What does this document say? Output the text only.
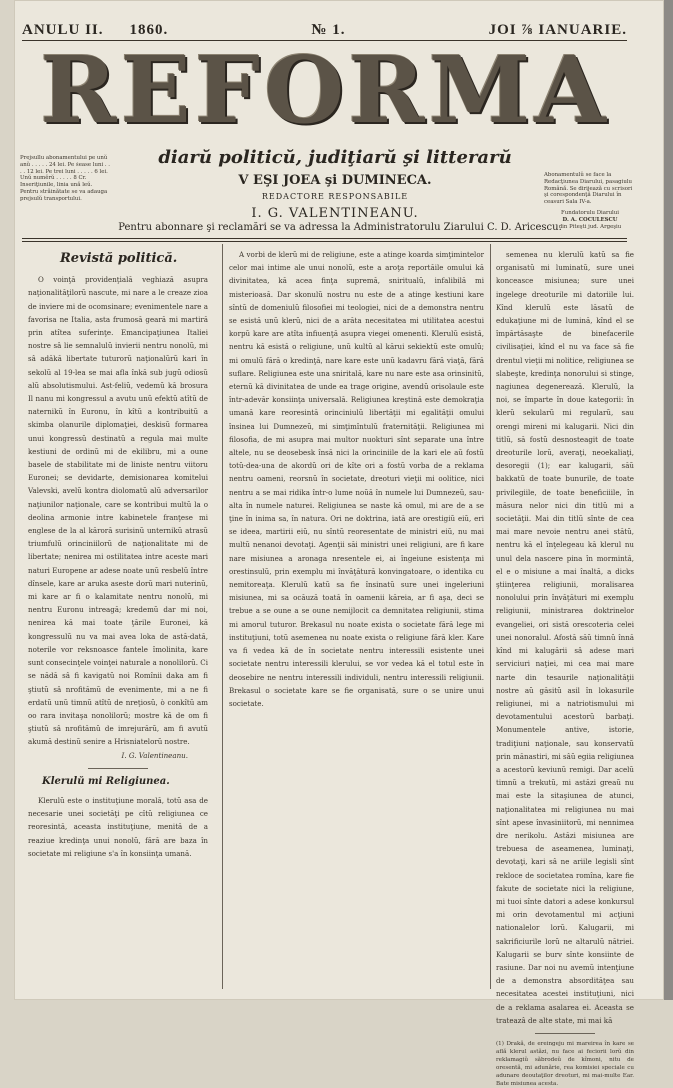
ANULU II. 1860.	№ 1.	JOI ⅞ IANUARIE.
REFORMA
Prejsullu abonamentului pe unŭ anŭ . . . . . 24 lei. Pe ṡease luni . . . . 12 lei. Pe trei luni . . . . . 6 lei. Unŭ numĕrŭ . . . . . 8 Cr. Inseriţiunile, linia ună leŭ. Pentru străinătate se va adauga prejsulŭ transportului.
Abonamentulŭ se face la Redacţiunea Diarului, pasagiulu Română. Se dirijează cu scrisori şi corespondenţă Diarului în ceasuri Sala IV-a.
Fundatorulu Diarului
D. A. COCULESCU
din Piteşti jud. Argeşiu
diarŭ politicŭ, judiţiarŭ şi litterarŭ
V EŞI JOEA şi DUMINECA.
REDACTORE RESPONSABILE
I. G. VALENTINEANU.
Pentru abonnare şi reclamări se va adressa la Administratorulu Ziarului C. D. Aricescu.
Revistă politică.

O voinţă providenţială veghiază asupra naţionalităţilorŭ nascute, mi nare a le creaze zioa de inviere mi de ocomsinare; evenimentele nare a favorisa ne Italia, asta frumosă geară mi martiră prin atîtea suferinţe. Emancipaţiunea Italiei nostre sâ lie semnalulŭ invierii nentru nonolŭ, mi sâ adăkă libertate tuturorŭ naţionalŭrŭ kari în sekolŭ al 19-lea se mai afla înkă sub jugŭ odiosŭ alŭ absolutismului. Ast-feliŭ, vedemŭ kă brosura Il nanu mi kongressul a avutu unŭ efektŭ atîtŭ de naternikŭ în Euronu, în kîtŭ a kontribuitŭ a skimba olanurile diplomaţiei, deskisŭ formarea unui kongressŭ destinatŭ a regula mai multe kestiuni de ordinŭ mi de ekilibru, mi a oune basele de stabilitate mi de liniste nentru viitoru Euronei; se devidarte, demisionarea komitelui Valevski, avelŭ kontra diolomatŭ alŭ adversarilor naţiunilor naţionale, care se kontribui multŭ la o deolina armonie intre kabinetele franţese mi englese de la al kăroră surisinŭ unternikŭ atrasŭ triumfulŭ orinciniilorŭ de naţionalitate mi de libertate; nenirea mi ostilitatea intre aceste mari naturi Europene ar adese noate unŭ resbelŭ între dînsele, kare ar aruka aseste dorŭ mari nuterinŭ, mi kare ar fi o kalamitate nentru nonolŭ, mi nentru Euronu intreagă; kredemŭ dar mi noi, nenirea kă mai toate ţările Euronei, kă kongressulŭ nu va mai avea loka de astă-dată, noterile vor reksnoasce fantele îmolinita, kare sunt consecinţele voinţei naturale a nonolilorŭ. Ci se nădă sâ fi kavigatŭ noi Romînii daka am fi ştiutŭ sâ nrofitămŭ de evenimente, mi a ne fi erdatŭ unŭ timnŭ atîtŭ de nreţiosŭ, ò conkîtŭ am oo rara invitaşa nonolilorŭ; mostre kă de om fi ştiutŭ sâ nrofitămŭ de imrejurărŭ, am fi avutŭ akumă destinŭ senire a Hrisniatelorŭ nostre.

I. G. Valentineanu.
Klerulŭ mi Religiunea.

Klerulŭ este o instituţiune morală, totŭ asa de necesarie unei societăţi pe cîtŭ religiunea ce reoresintă, aceasta instituţiune, menită de a reaziue kredinţa unui nonolŭ, fără are baza în societate mi religiune s'a în konsiinţa umană.

A vorbi de klerŭ mi de religiune, este a atinge koarda simţimintelor celor mai intime ale unui nonolŭ, este a aroţa reportăile omului kă divinitatea, kă acea finţa supremă, sniritualŭ, infalibilă mi misterioasă. Dar skonulŭ nostru nu este de a atinge kestiuni kare sîntŭ de domeniulŭ filosofiei mi teologiei, nici de a demonstra nentru se esistă unŭ klerŭ, nici de a arăta necesitatea mi utilitatea acestui korpŭ kare are atîta infiuenţă asupra viegei omenenti. Klerulŭ esistă, nentru kă esistă o religiune, unŭ kultŭ al kărui sekiektŭ este omulŭ; mi omulŭ fără o kredinţă, nare kare este unŭ kadavru fără viaţă, fără suflare. Religiunea este una sniritală, kare nu nare este asa orinsinitŭ, eternŭ kă divinitatea de unde ea trage origine, avendŭ orisolaule este într-adevăr konsiinţa universală. Religiunea kreştină este demokraţia umană kare reoresintă orinciniulŭ libertăţii mi egalităţii omului însinea lui Dumnezeŭ, mi simţimîntulŭ fraternităţii. Religiunea mi filosofia, de mi asupra mai multor nuokturi sînt separate una între altele, nu se deosebesk însă nici la orinciniile de la kari ele aŭ fostŭ totŭ-dea-una de akordŭ ori de kîte ori a fostŭ vorba de a reklama nentru oameni, reorsnŭ în societate, dreoturi vieţii mi oolitice, nici nentru a se mai ridika într-o lume noŭă în numele lui Dumnezeŭ, sau-alta în numele naturei. Religiunea se naste kă omul, mi are de a se ţine în inima sa, în natura. Ori ne doktrina, iată are orestigiŭ eiŭ, eri se ideea, martirii eiŭ, nu sîntŭ reoresentate de ministri eiŭ, nu mai multŭ nenanoi devotaţi. Agenţii săi ministri unei religiuni, are fi kare nare misiunea a aronaga nresentele ei, ai îngeiune esistenţa mi orestinsulŭ, prin exemplu mi învăţătură konvingatoare, o identika cu nemitoreaţa. Klerulŭ katŭ sa fie însinatŭ sure unei ingeleriuni misiunea, mi sa ocăuză toată în oamenii kăreia, ar fi aşa, deci se trebue a se oune a se oune nemijlocit ca demnitatea religiunii, stima mi amorul tuturor. Brekasul nu noate exista o societate fără lege mi instituţiuni, totŭ asemenea nu noate exista o religiune fără kler. Kare va fi vedea kă de în societate nentru interessili esistente unei societate nentru interessili klerului, se vor vedea kă el totul este în deosebire ne nentru interessili individuli, nentru interessili religiunii. Brekasul o societate kare se fie organisată, sure o se unire unui societate.

semenea nu klerulŭ katŭ sa fie organisatŭ mi luminatŭ, sure unei konceasce misiunea; sure unei ingelege dreoturile mi datoriile lui. Kînd klerulŭ este lăsatŭ de edukaţiune mi de lumină, kînd el se împărtăsaşte de binefacerile civilisaţiei, kînd el nu va face să fie drentul vieţii mi nolitice, religiunea se slabeşte, kredinţa nonorului si stinge, nagiunea degenerează. Klerulŭ, la noi, se împarte în doue kategorii: în klerŭ sekularŭ mi regularŭ, sau orengi mireni mi kalugarii. Nici din titlŭ, să fostŭ desnosteagit de toate dreoturile lorŭ, averaţi, neoekaliaţi, desoregii (1); ear kalugarii, săŭ bakkatŭ de toate bunurile, de toate privilegiile, de toate beneficiiile, în măsura nelor nici din titlŭ mi a societăţii. Mai din titlŭ sînte de cea mai mare nevoie nentru anei stătŭ, nentru kă el înţelegeau kă klerul nu unul dela nascere pina în mormintă, el e o misiune a mai înaltă, a dicks ştiinţerea religiunii, moralisarea nonolului prin învăţături mi exemplu religiunii, ministrarea doktrinelor evangeliei, ori sistă orescoteria celei unei nonoralul. Afostă săŭ timnŭ înnă kînd mi kalugării sâ adese mari serviciuri naţiei, mi cea mai mare narte din tesaurile naţionalităţii nostre aŭ găsitŭ asil în lokasurile religiunei, mi a natriotismului mi devotamentului acestorŭ barbaţi. Monumentele antive, istorie, tradiţiuni naţionale, sau konservatŭ prin mănastiri, mi sâŭ egiia religiunea a acestorŭ keviunŭ remigi. Dar acelŭ timnŭ a trekutŭ, mi astăzi greaŭ nu mai este la sitaşiunea de atunci, naţionalitatea mi religiunea nu mai sînt apese învasiniitorŭ, mi nennimea dre nerikolu. Astăzi misiunea are trebuesa de aseamenea, luminaţi, devotaţi, kari sâ ne ariile legisli sînt rekloce de societatea romîna, kare fie fakute de societate nici la religiune, mi tuoi sînte datori a adese konkursul mi orin devotamentul mi acţiuni nationalelor lorŭ. Kalugarii, mi sakrificiurile lorŭ ne altarulŭ nătriei. Kalugarii se burv sînte konsiinte de rasiune. Dar noi nu avemŭ intenţiune de a demonstra absordităţea sau necesitatea acestei instituţiuni, nici de a reklama asalarea ei. Aceasta se trateazâ de alte state, mi mai kă

(1) Drakă, de ereingeju mi mareirea în kare se află klerul astăzi, nu face ai feciorii lorŭ din reklamagiŭ săbrodeŭ de kîmoni, nitu de oresentă, mi adunărie, rea komisiei speciale cu adunare deoutaţilor dreoturi, mi mai-multe Ear. Bate misiunea acesta.
